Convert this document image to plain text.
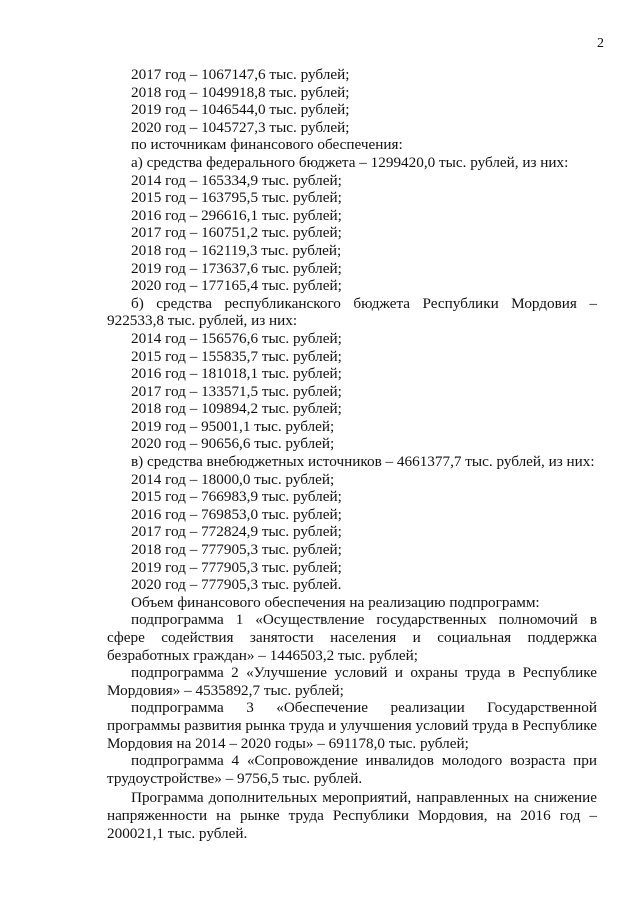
2
2017 год – 1067147,6 тыс. рублей;
2018 год – 1049918,8 тыс. рублей;
2019 год – 1046544,0 тыс. рублей;
2020 год – 1045727,3 тыс. рублей;
по источникам финансового обеспечения:
а) средства федерального бюджета – 1299420,0 тыс. рублей, из них:
2014 год – 165334,9 тыс. рублей;
2015 год – 163795,5 тыс. рублей;
2016 год – 296616,1 тыс. рублей;
2017 год – 160751,2 тыс. рублей;
2018 год – 162119,3 тыс. рублей;
2019 год – 173637,6 тыс. рублей;
2020 год – 177165,4 тыс. рублей;
б) средства республиканского бюджета Республики Мордовия – 922533,8 тыс. рублей, из них:
2014 год – 156576,6 тыс. рублей;
2015 год – 155835,7 тыс. рублей;
2016 год – 181018,1 тыс. рублей;
2017 год – 133571,5 тыс. рублей;
2018 год – 109894,2 тыс. рублей;
2019 год – 95001,1 тыс. рублей;
2020 год – 90656,6 тыс. рублей;
в) средства внебюджетных источников – 4661377,7 тыс. рублей, из них:
2014 год – 18000,0 тыс. рублей;
2015 год – 766983,9 тыс. рублей;
2016 год – 769853,0 тыс. рублей;
2017 год – 772824,9 тыс. рублей;
2018 год – 777905,3 тыс. рублей;
2019 год – 777905,3 тыс. рублей;
2020 год – 777905,3 тыс. рублей.
Объем финансового обеспечения на реализацию подпрограмм:
подпрограмма 1 «Осуществление государственных полномочий в сфере содействия занятости населения и социальная поддержка безработных граждан» – 1446503,2 тыс. рублей;
подпрограмма 2 «Улучшение условий и охраны труда в Республике Мордовия» – 4535892,7 тыс. рублей;
подпрограмма 3 «Обеспечение реализации Государственной программы развития рынка труда и улучшения условий труда в Республике Мордовия на 2014 – 2020 годы» – 691178,0 тыс. рублей;
подпрограмма 4 «Сопровождение инвалидов молодого возраста при трудоустройстве» – 9756,5 тыс. рублей.
Программа дополнительных мероприятий, направленных на снижение напряженности на рынке труда Республики Мордовия, на 2016 год – 200021,1 тыс. рублей.
